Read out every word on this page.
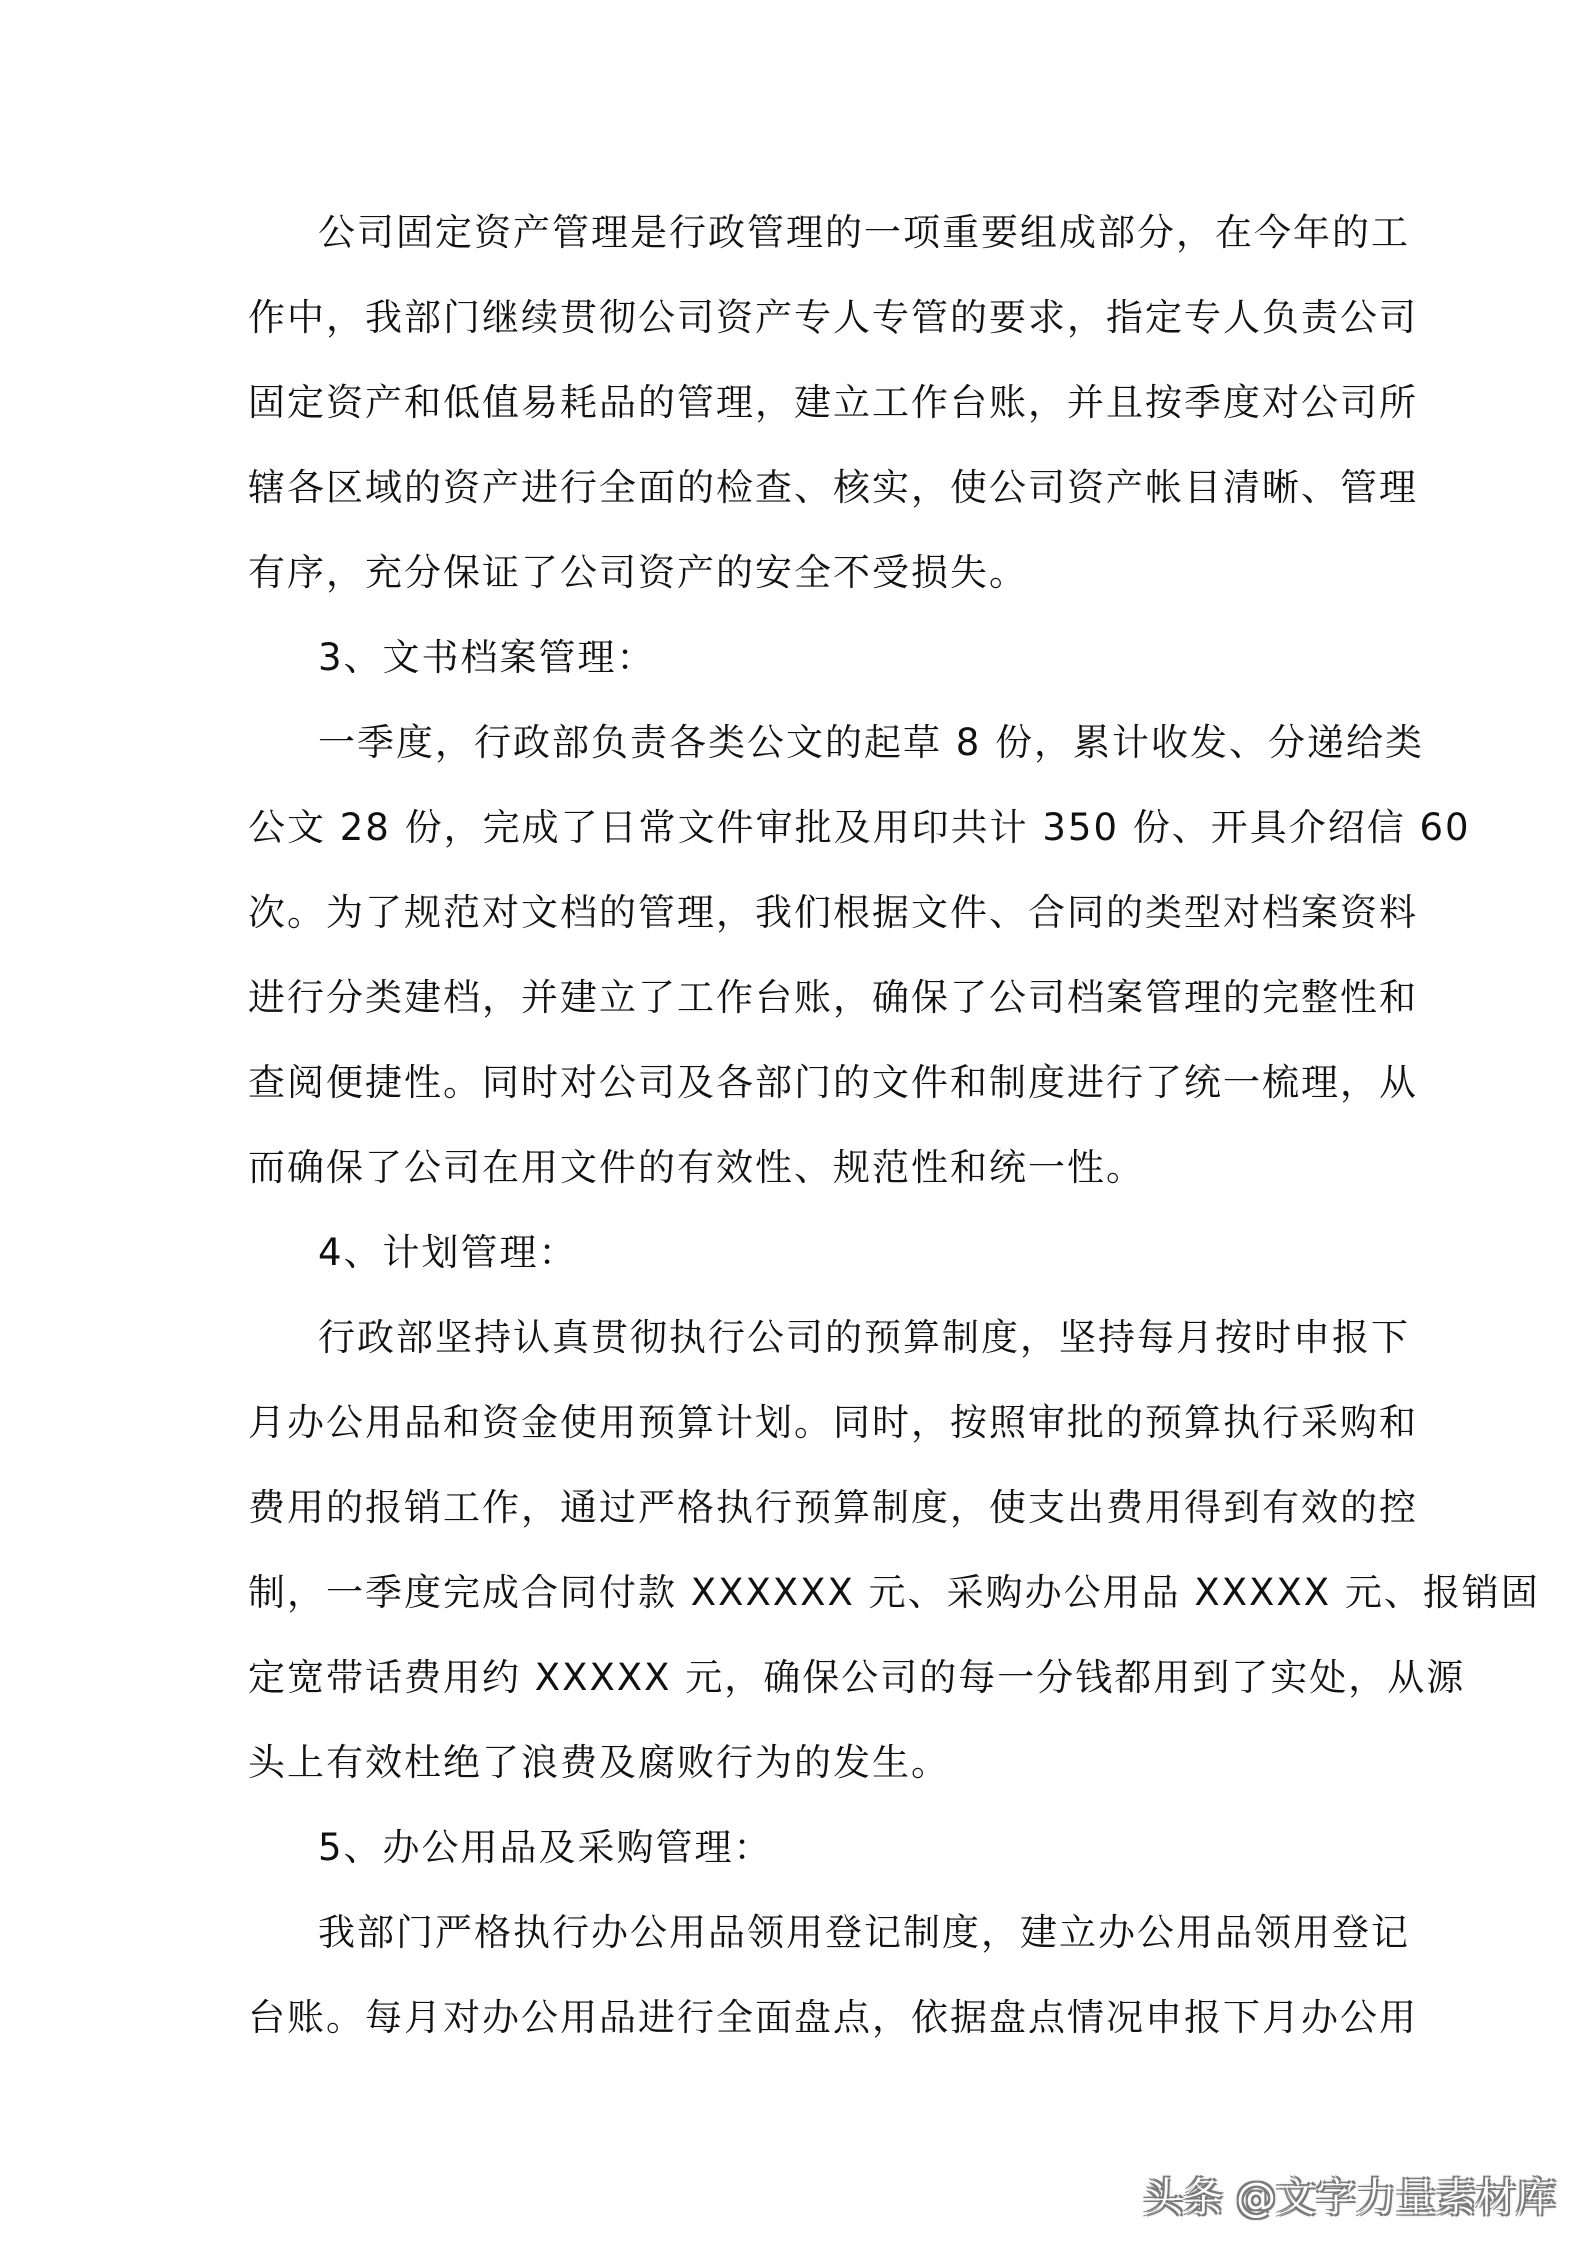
公司固定资产管理是行政管理的一项重要组成部分，在今年的工
作中，我部门继续贯彻公司资产专人专管的要求，指定专人负责公司
固定资产和低值易耗品的管理，建立工作台账，并且按季度对公司所
辖各区域的资产进行全面的检查、核实，使公司资产帐目清晰、管理
有序，充分保证了公司资产的安全不受损失。
3、文书档案管理：
一季度，行政部负责各类公文的起草 8 份，累计收发、分递给类
公文 28 份，完成了日常文件审批及用印共计 350 份、开具介绍信 60
次。为了规范对文档的管理，我们根据文件、合同的类型对档案资料
进行分类建档，并建立了工作台账，确保了公司档案管理的完整性和
查阅便捷性。同时对公司及各部门的文件和制度进行了统一梳理，从
而确保了公司在用文件的有效性、规范性和统一性。
4、计划管理：
行政部坚持认真贯彻执行公司的预算制度，坚持每月按时申报下
月办公用品和资金使用预算计划。同时，按照审批的预算执行采购和
费用的报销工作，通过严格执行预算制度，使支出费用得到有效的控
制，一季度完成合同付款 XXXXXX 元、采购办公用品 XXXXX 元、报销固
定宽带话费用约 XXXXX 元，确保公司的每一分钱都用到了实处，从源
头上有效杜绝了浪费及腐败行为的发生。
5、办公用品及采购管理：
我部门严格执行办公用品领用登记制度，建立办公用品领用登记
台账。每月对办公用品进行全面盘点，依据盘点情况申报下月办公用
头条 @文字力量素材库
